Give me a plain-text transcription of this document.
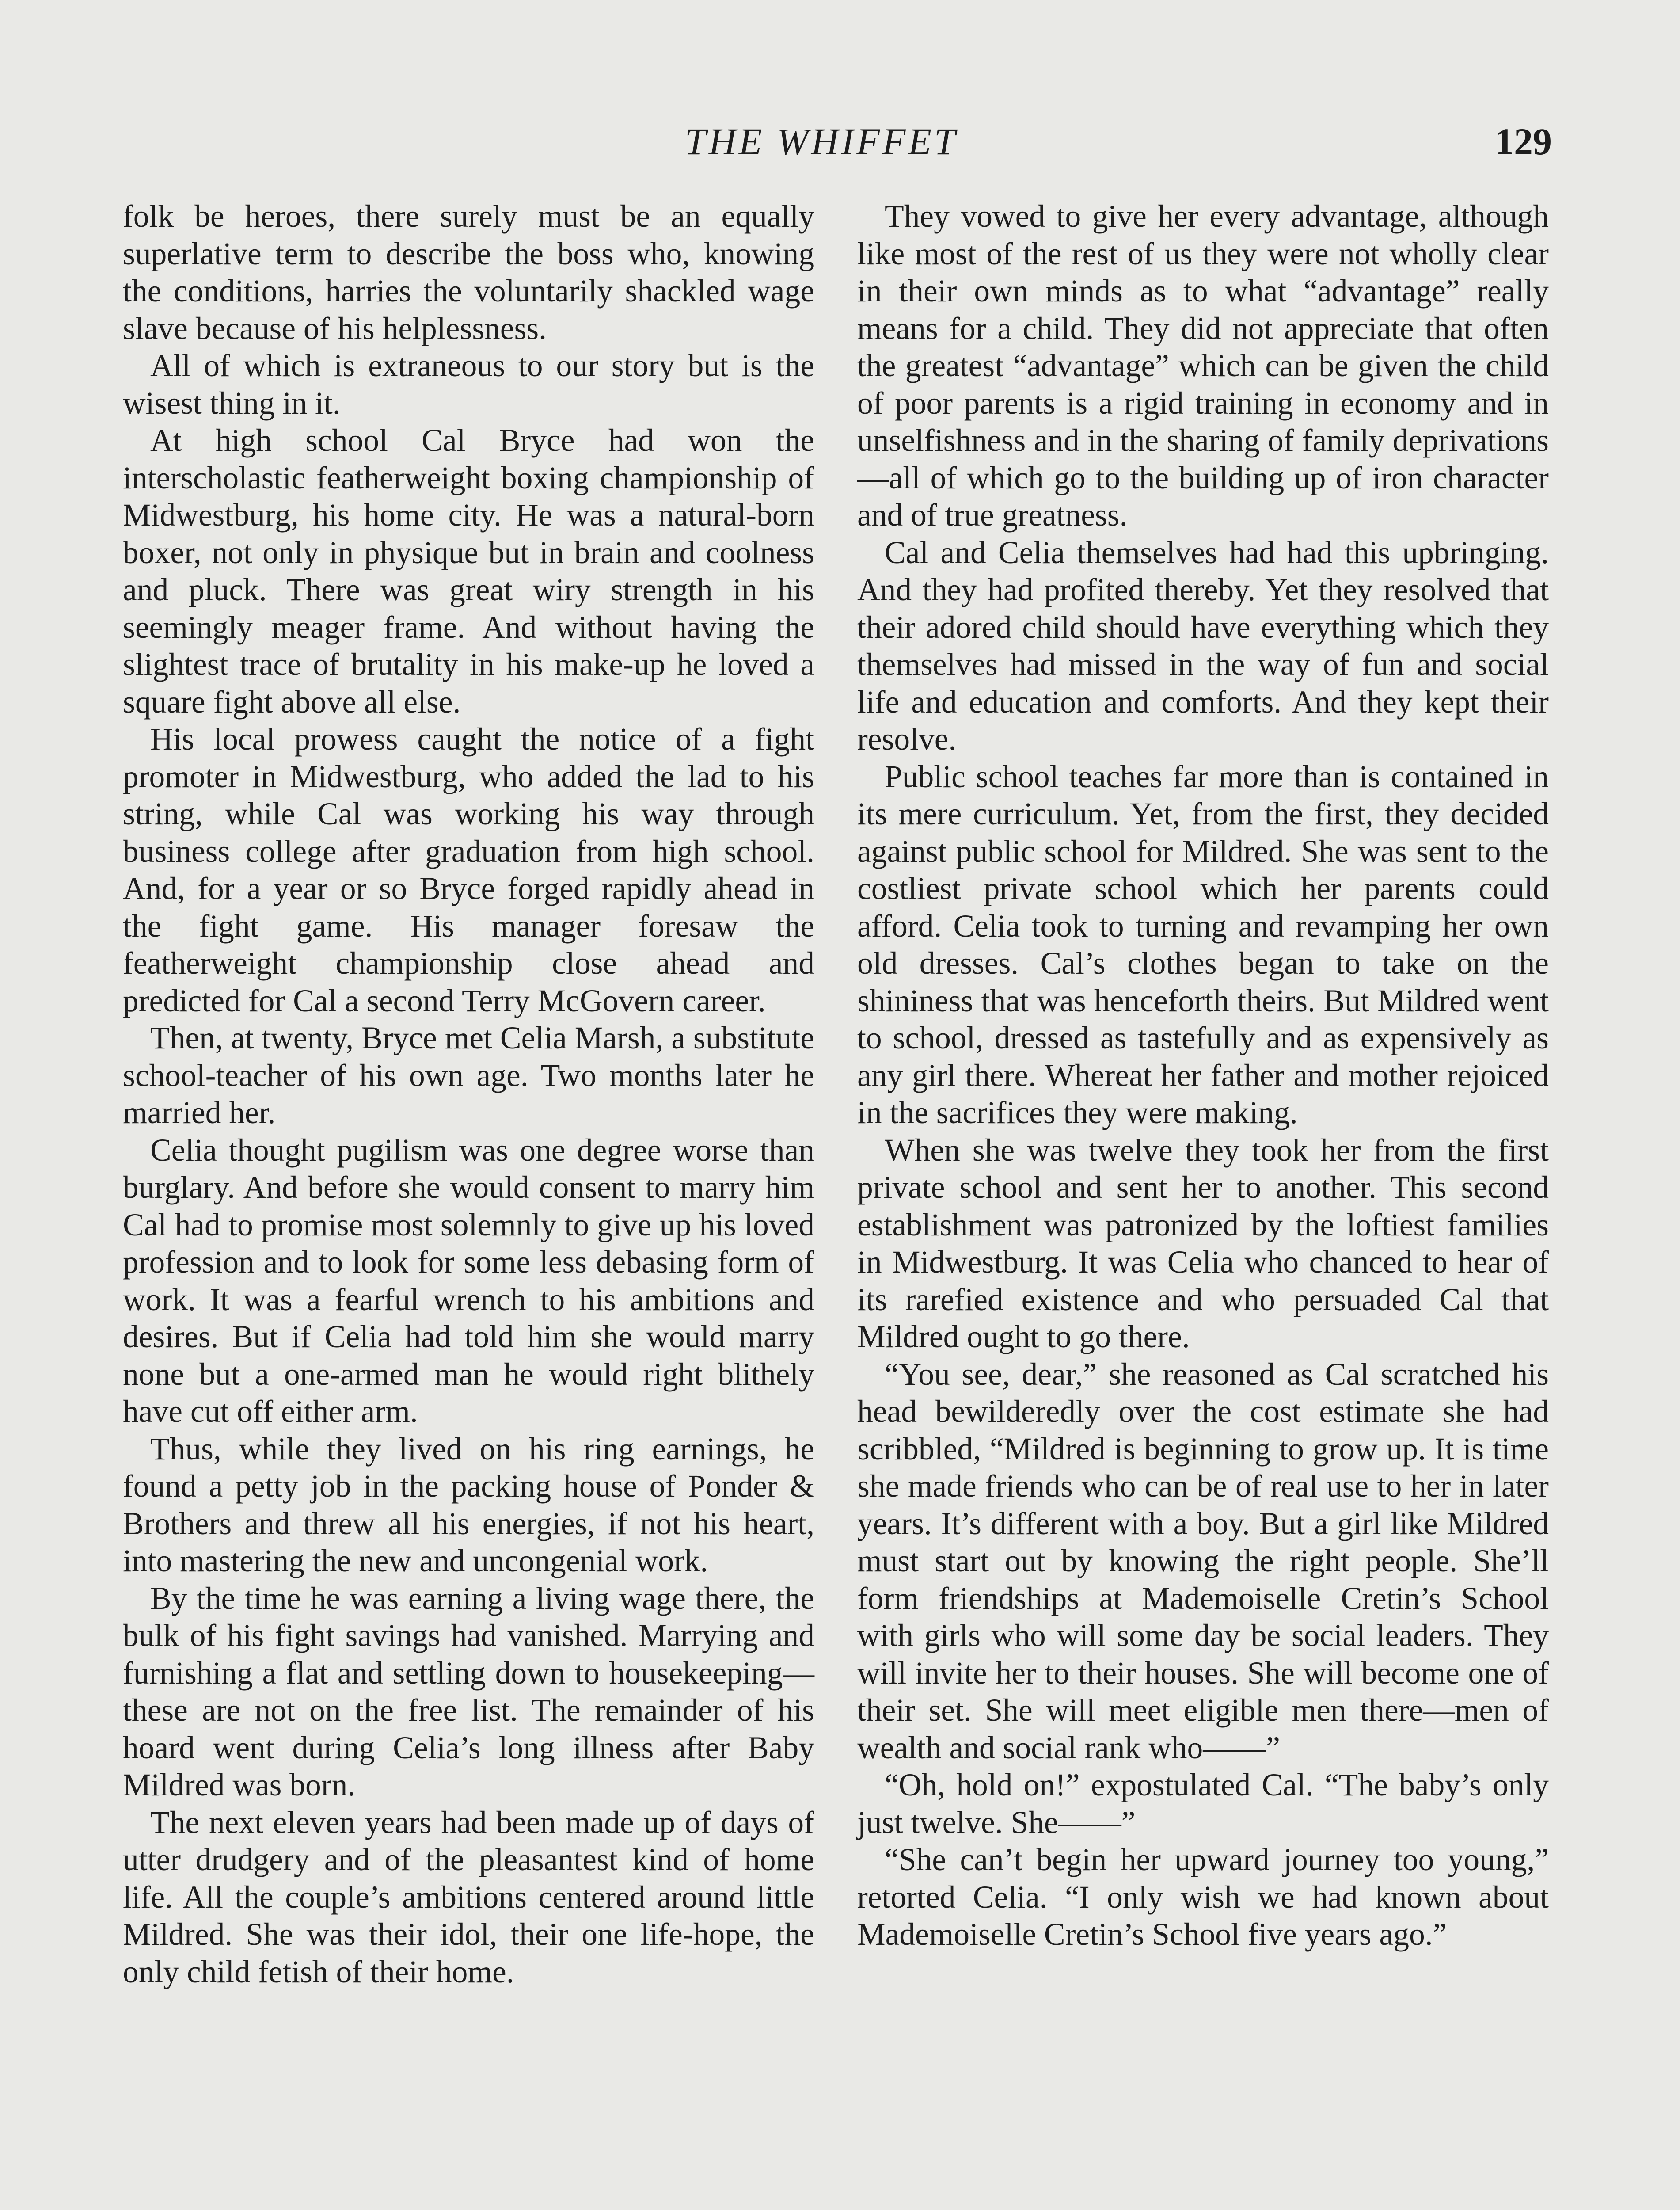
THE WHIFFET	129

folk be heroes, there surely must be an equally superlative term to describe the boss who, knowing the conditions, harries the voluntarily shackled wage slave because of his helplessness.

All of which is extraneous to our story but is the wisest thing in it.

At high school Cal Bryce had won the interscholastic featherweight boxing championship of Midwestburg, his home city. He was a natural-born boxer, not only in physique but in brain and coolness and pluck. There was great wiry strength in his seemingly meager frame. And without having the slightest trace of brutality in his make-up he loved a square fight above all else.

His local prowess caught the notice of a fight promoter in Midwestburg, who added the lad to his string, while Cal was working his way through business college after graduation from high school. And, for a year or so Bryce forged rapidly ahead in the fight game. His manager foresaw the featherweight championship close ahead and predicted for Cal a second Terry McGovern career.

Then, at twenty, Bryce met Celia Marsh, a substitute school-teacher of his own age. Two months later he married her.

Celia thought pugilism was one degree worse than burglary. And before she would consent to marry him Cal had to promise most solemnly to give up his loved profession and to look for some less debasing form of work. It was a fearful wrench to his ambitions and desires. But if Celia had told him she would marry none but a one-armed man he would right blithely have cut off either arm.

Thus, while they lived on his ring earnings, he found a petty job in the packing house of Ponder & Brothers and threw all his energies, if not his heart, into mastering the new and uncongenial work.

By the time he was earning a living wage there, the bulk of his fight savings had vanished. Marrying and furnishing a flat and settling down to housekeeping—these are not on the free list. The remainder of his hoard went during Celia’s long illness after Baby Mildred was born.

The next eleven years had been made up of days of utter drudgery and of the pleasantest kind of home life. All the couple’s ambitions centered around little Mildred. She was their idol, their one life-hope, the only child fetish of their home.

They vowed to give her every advantage, although like most of the rest of us they were not wholly clear in their own minds as to what “advantage” really means for a child. They did not appreciate that often the greatest “advantage” which can be given the child of poor parents is a rigid training in economy and in unselfishness and in the sharing of family deprivations—all of which go to the building up of iron character and of true greatness.

Cal and Celia themselves had had this upbringing. And they had profited thereby. Yet they resolved that their adored child should have everything which they themselves had missed in the way of fun and social life and education and comforts. And they kept their resolve.

Public school teaches far more than is contained in its mere curriculum. Yet, from the first, they decided against public school for Mildred. She was sent to the costliest private school which her parents could afford. Celia took to turning and revamping her own old dresses. Cal’s clothes began to take on the shininess that was henceforth theirs. But Mildred went to school, dressed as tastefully and as expensively as any girl there. Whereat her father and mother rejoiced in the sacrifices they were making.

When she was twelve they took her from the first private school and sent her to another. This second establishment was patronized by the loftiest families in Midwestburg. It was Celia who chanced to hear of its rarefied existence and who persuaded Cal that Mildred ought to go there.

“You see, dear,” she reasoned as Cal scratched his head bewilderedly over the cost estimate she had scribbled, “Mildred is beginning to grow up. It is time she made friends who can be of real use to her in later years. It’s different with a boy. But a girl like Mildred must start out by knowing the right people. She’ll form friendships at Mademoiselle Cretin’s School with girls who will some day be social leaders. They will invite her to their houses. She will become one of their set. She will meet eligible men there—men of wealth and social rank who——”

“Oh, hold on!” expostulated Cal. “The baby’s only just twelve. She——”

“She can’t begin her upward journey too young,” retorted Celia. “I only wish we had known about Mademoiselle Cretin’s School five years ago.”
